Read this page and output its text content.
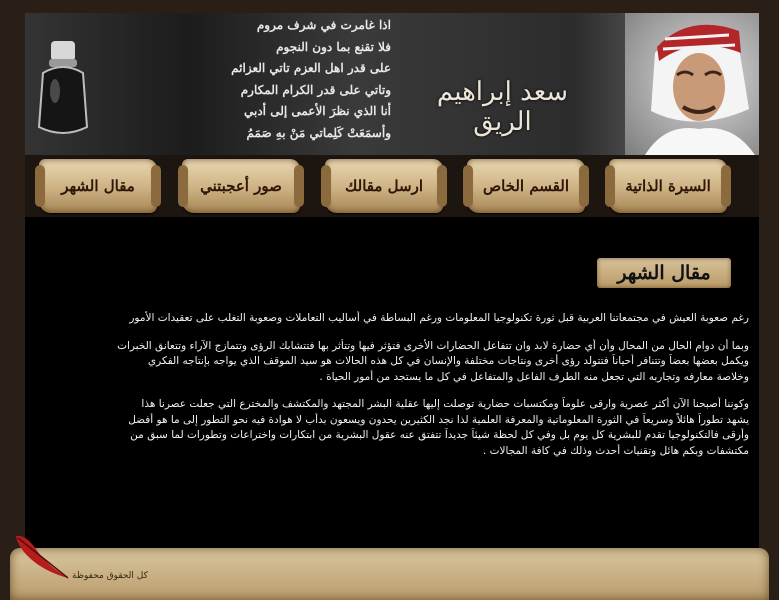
اذا غامرت في شرف مروم
فلا تقنع بما دون النجوم
على قدر اهل العزم تاتي العزائم
وتاتي على قدر الكرام المكارم
أنا الذي نظرَ الأعمى إلى أدبي
وأسمَعَتْ كَلِماتي مَنْ بهِ صَمَمُ
سعد إبراهيم الريق
السيرة الذاتية
القسم الخاص
ارسل مقالك
صور أعجبتني
مقال الشهر
مقال الشهر
رغم صعوبة العيش في مجتمعاتنا العربية قبل ثورة تكنولوجيا المعلومات ورغم البساطة في أساليب التعاملات وصعوبة التغلب على تعقيدات الأمور
وبما أن دوام الحال من المحال وأن أي حضارة لابد وان تتفاعل الحضارات الأخرى فتؤثر فيها وتتأثر بها فتتشابك الرؤى وتتمازج الآراء وتتعانق الخبرات
ويكمل بعضها بعضاً وتتنافر أحياناً فتتولد رؤى أخرى ونتاجات مختلفة والإنسان في كل هذه الحالات هو سيد الموقف الذي يواجه بإنتاجه الفكري
وخلاصة معارفه وتجاربه التي تجعل منه الطرف الفاعل والمتفاعل في كل ما يستجد من أمور الحياة .
وكوننا أصبحنا الآن أكثر عصرية وارقى علوماً ومكتسبات حضارية توصلت إليها عقلية البشر المجتهد والمكتشف والمخترع التي جعلت عصرنا هذا
يشهد تطوراً هائلاً وسريعاً في الثورة المعلوماتية والمعرفة العلمية لذا نجد الكثيرين يحدون ويسعون بدأب لا هوادة فيه نحو التطور إلى ما هو أفضل
وأرقى فالتكنولوجيا تقدم للبشرية كل يوم بل وفي كل لحظة شيئاً جديداً تتفتق عنه عقول البشرية من ابتكارات واختراعات وتطورات لما سبق من
مكتشفات وبكم هائل وتقنيات أحدث وذلك في كافة المجالات .
كل الحقوق محفوظة
